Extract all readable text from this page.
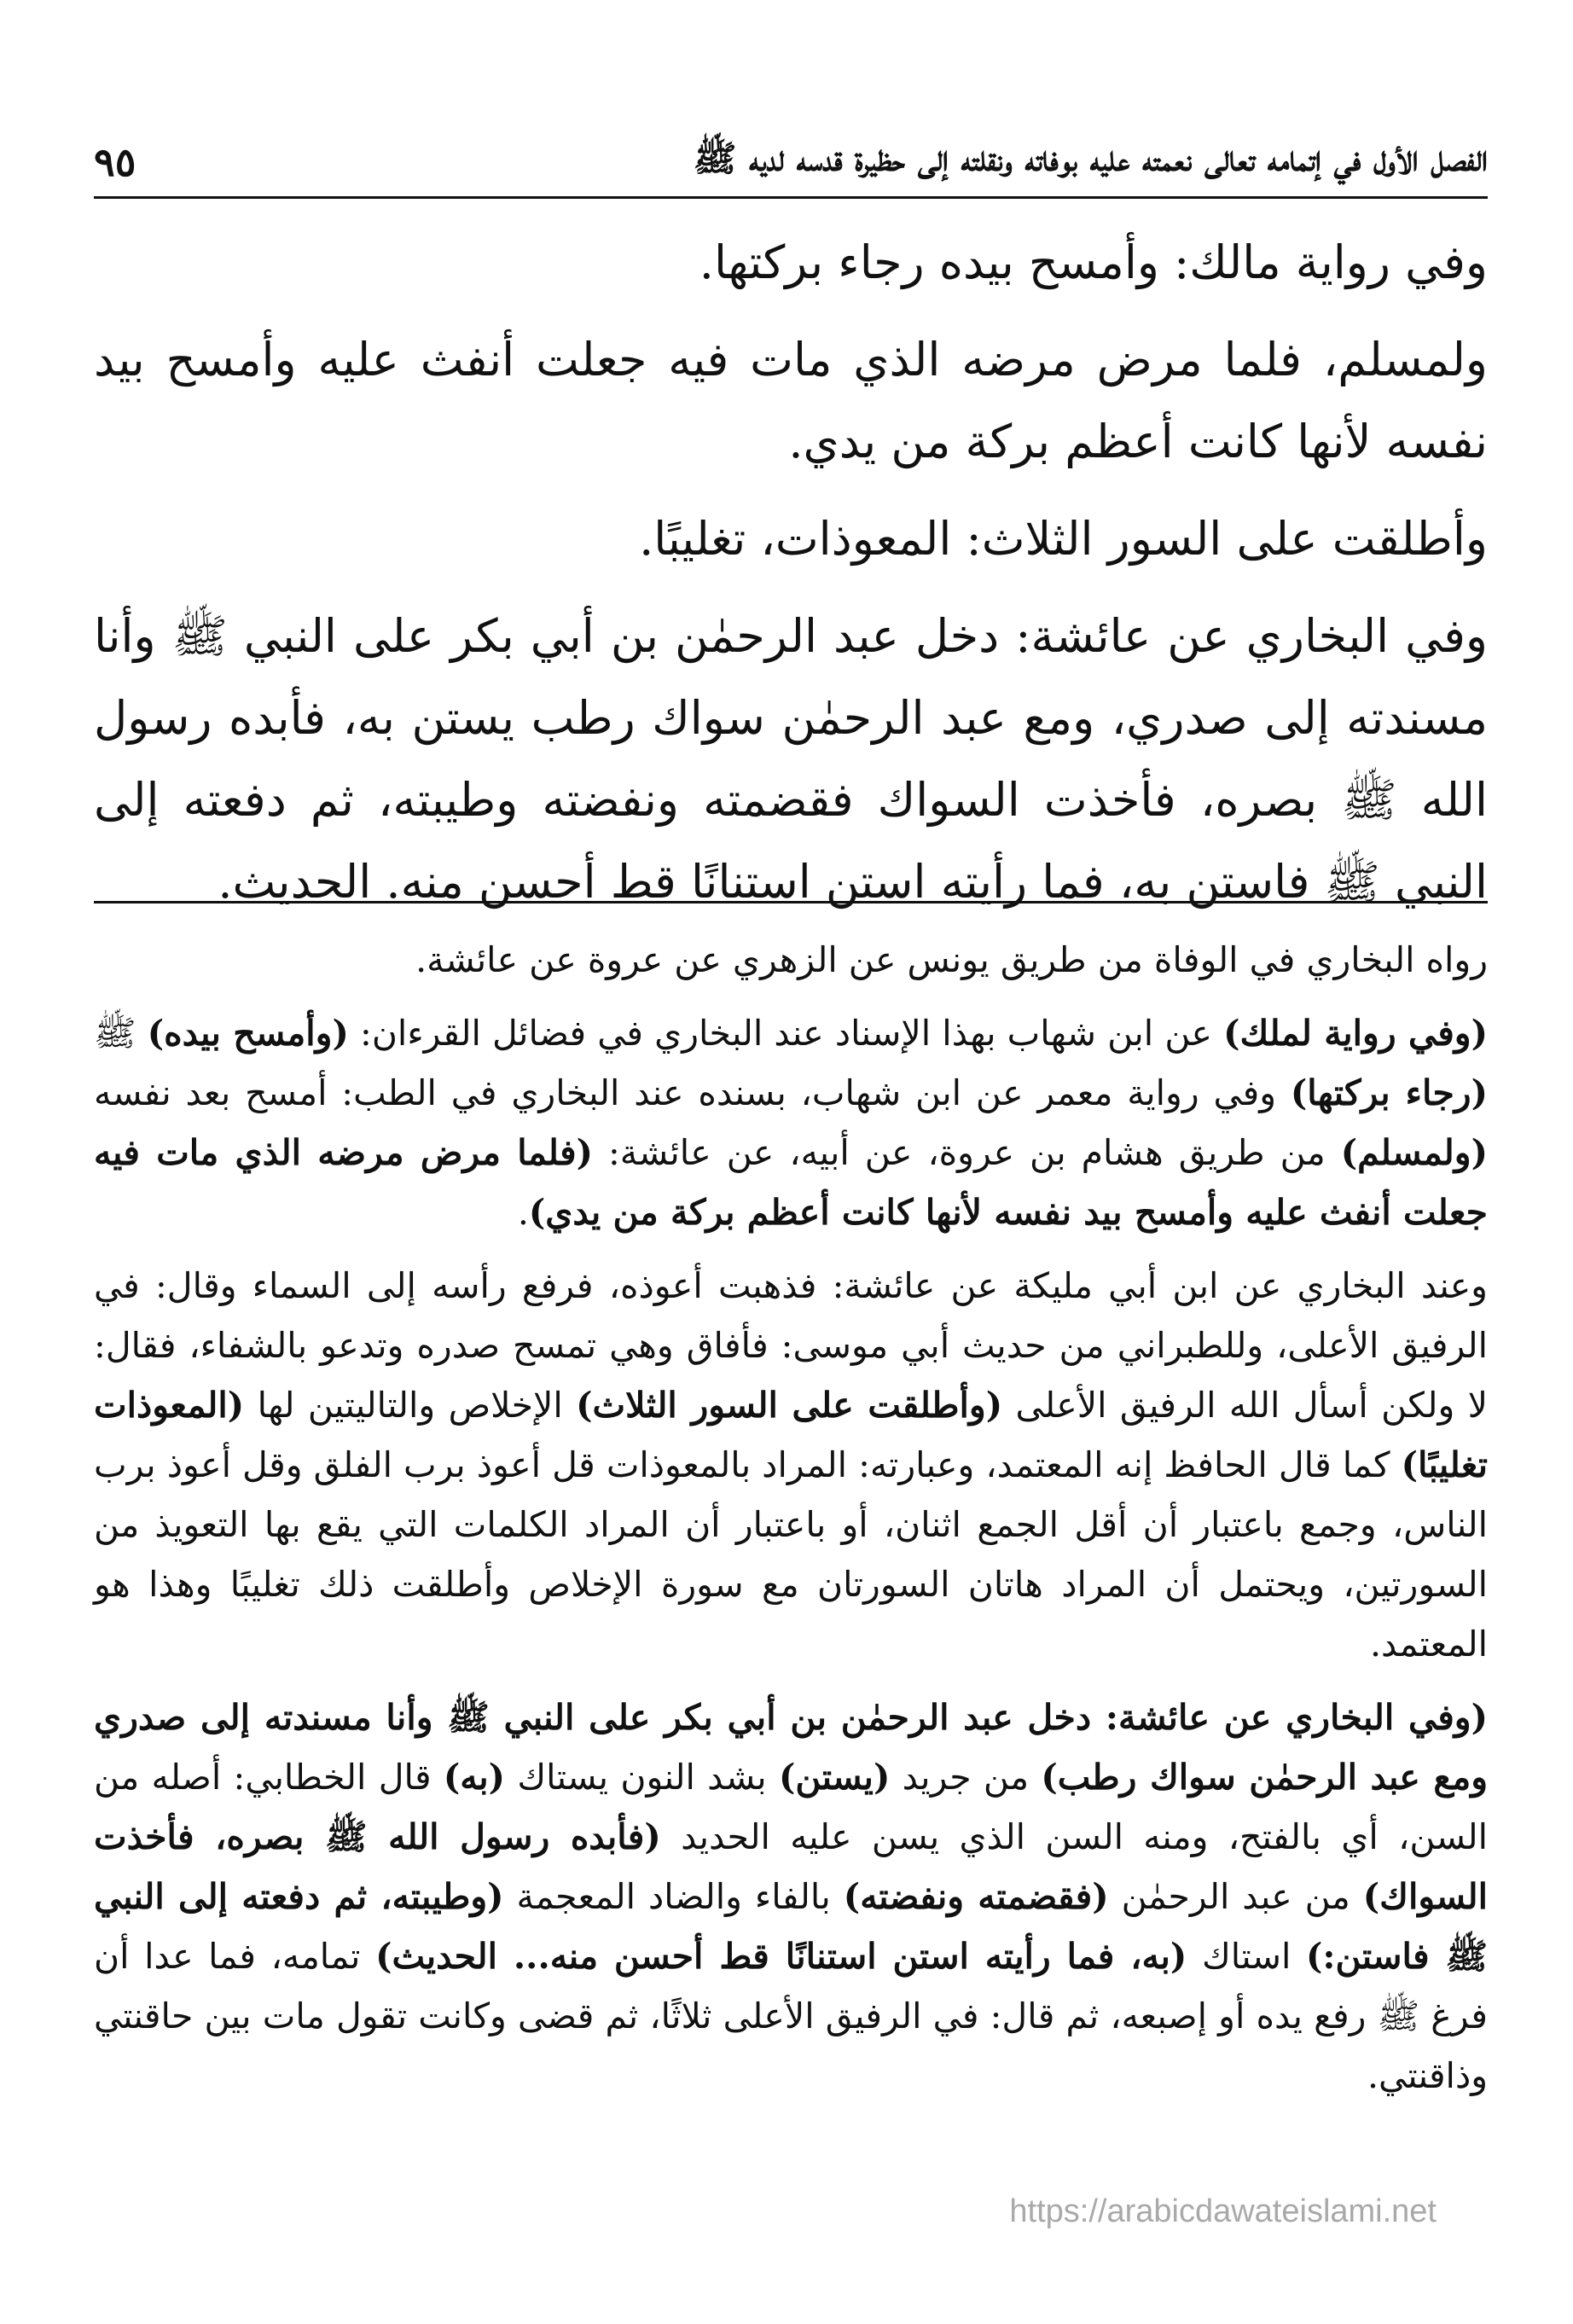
الفصل الأول في إتمامه تعالى نعمته عليه بوفاته ونقلته إلى حظيرة قدسه لديه ﷺ
٩٥

وفي رواية مالك: وأمسح بيده رجاء بركتها.

ولمسلم، فلما مرض مرضه الذي مات فيه جعلت أنفث عليه وأمسح بيد نفسه لأنها كانت أعظم بركة من يدي.

وأطلقت على السور الثلاث: المعوذات، تغليبًا.

وفي البخاري عن عائشة: دخل عبد الرحمٰن بن أبي بكر على النبي ﷺ وأنا مسندته إلى صدري، ومع عبد الرحمٰن سواك رطب يستن به، فأبده رسول الله ﷺ بصره، فأخذت السواك فقضمته ونفضته وطيبته، ثم دفعته إلى النبي ﷺ فاستن به، فما رأيته استن استنانًا قط أحسن منه. الحديث.

رواه البخاري في الوفاة من طريق يونس عن الزهري عن عروة عن عائشة.

(وفي رواية لملك) عن ابن شهاب بهذا الإسناد عند البخاري في فضائل القرءان: (وأمسح بيده) ﷺ (رجاء بركتها) وفي رواية معمر عن ابن شهاب، بسنده عند البخاري في الطب: أمسح بعد نفسه (ولمسلم) من طريق هشام بن عروة، عن أبيه، عن عائشة: (فلما مرض مرضه الذي مات فيه جعلت أنفث عليه وأمسح بيد نفسه لأنها كانت أعظم بركة من يدي).

وعند البخاري عن ابن أبي مليكة عن عائشة: فذهبت أعوذه، فرفع رأسه إلى السماء وقال: في الرفيق الأعلى، وللطبراني من حديث أبي موسى: فأفاق وهي تمسح صدره وتدعو بالشفاء، فقال: لا ولكن أسأل الله الرفيق الأعلى (وأطلقت على السور الثلاث) الإخلاص والتاليتين لها (المعوذات تغليبًا) كما قال الحافظ إنه المعتمد، وعبارته: المراد بالمعوذات قل أعوذ برب الفلق وقل أعوذ برب الناس، وجمع باعتبار أن أقل الجمع اثنان، أو باعتبار أن المراد الكلمات التي يقع بها التعويذ من السورتين، ويحتمل أن المراد هاتان السورتان مع سورة الإخلاص وأطلقت ذلك تغليبًا وهذا هو المعتمد.

(وفي البخاري عن عائشة: دخل عبد الرحمٰن بن أبي بكر على النبي ﷺ وأنا مسندته إلى صدري ومع عبد الرحمٰن سواك رطب) من جريد (يستن) بشد النون يستاك (به) قال الخطابي: أصله من السن، أي بالفتح، ومنه السن الذي يسن عليه الحديد (فأبده رسول الله ﷺ بصره، فأخذت السواك) من عبد الرحمٰن (فقضمته ونفضته) بالفاء والضاد المعجمة (وطيبته، ثم دفعته إلى النبي ﷺ فاستن:) استاك (به، فما رأيته استن استنانًا قط أحسن منه... الحديث) تمامه، فما عدا أن فرغ ﷺ رفع يده أو إصبعه، ثم قال: في الرفيق الأعلى ثلاثًا، ثم قضى وكانت تقول مات بين حاقنتي وذاقنتي.

https://arabicdawateislami.net
